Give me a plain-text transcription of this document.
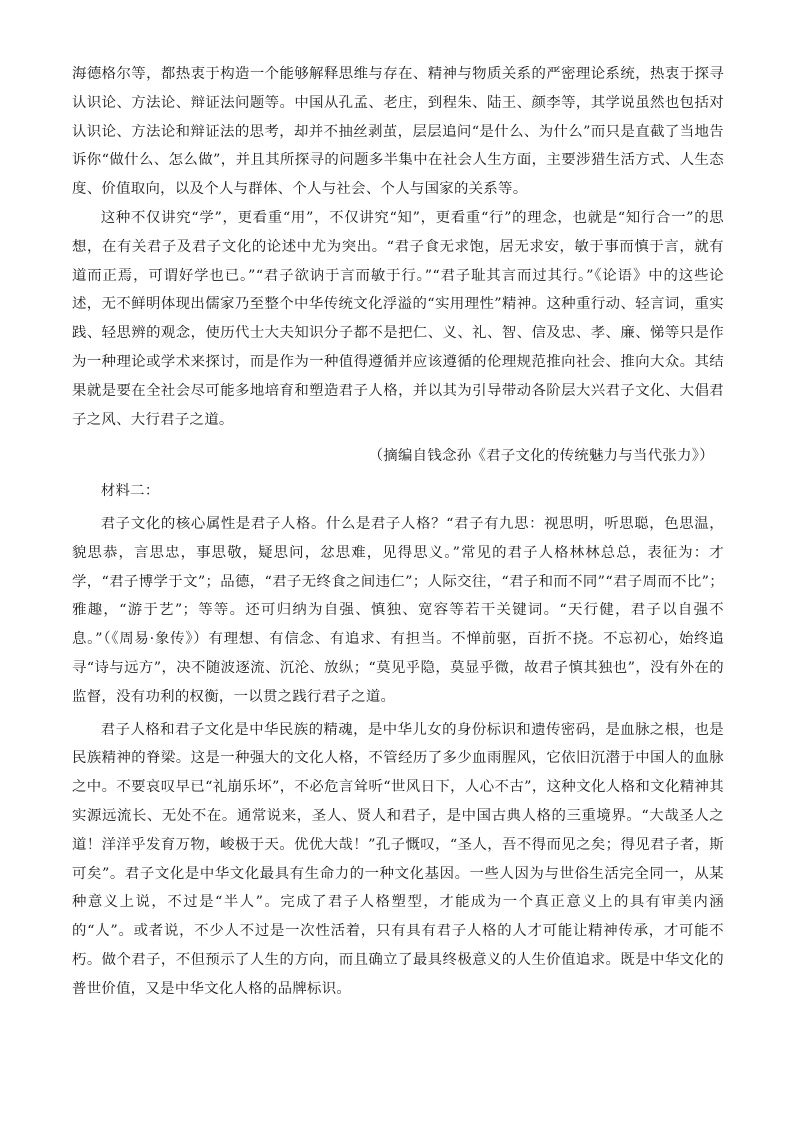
海德格尔等，都热衷于构造一个能够解释思维与存在、精神与物质关系的严密理论系统，热衷于探寻认识论、方法论、辩证法问题等。中国从孔孟、老庄，到程朱、陆王、颜李等，其学说虽然也包括对认识论、方法论和辩证法的思考，却并不抽丝剥茧，层层追问“是什么、为什么”而只是直截了当地告诉你“做什么、怎么做”，并且其所探寻的问题多半集中在社会人生方面，主要涉猎生活方式、人生态度、价值取向，以及个人与群体、个人与社会、个人与国家的关系等。

这种不仅讲究“学”，更看重“用”，不仅讲究“知”，更看重“行”的理念，也就是“知行合一”的思想，在有关君子及君子文化的论述中尤为突出。“君子食无求饱，居无求安，敏于事而慎于言，就有道而正焉，可谓好学也已。”“君子欲讷于言而敏于行。”“君子耻其言而过其行。”《论语》中的这些论述，无不鲜明体现出儒家乃至整个中华传统文化浮溢的“实用理性”精神。这种重行动、轻言词，重实践、轻思辨的观念，使历代士大夫知识分子都不是把仁、义、礼、智、信及忠、孝、廉、悌等只是作为一种理论或学术来探讨，而是作为一种值得遵循并应该遵循的伦理规范推向社会、推向大众。其结果就是要在全社会尽可能多地培育和塑造君子人格，并以其为引导带动各阶层大兴君子文化、大倡君子之风、大行君子之道。

（摘编自钱念孙《君子文化的传统魅力与当代张力》）

材料二：

君子文化的核心属性是君子人格。什么是君子人格？“君子有九思：视思明，听思聪，色思温，貌思恭，言思忠，事思敬，疑思问，忿思难，见得思义。”常见的君子人格林林总总，表征为：才学，“君子博学于文”；品德，“君子无终食之间违仁”；人际交往，“君子和而不同”“君子周而不比”；雅趣，“游于艺”；等等。还可归纳为自强、慎独、宽容等若干关键词。“天行健，君子以自强不息。”（《周易·象传》）有理想、有信念、有追求、有担当。不惮前驱，百折不挠。不忘初心，始终追寻“诗与远方”，决不随波逐流、沉沦、放纵；“莫见乎隐，莫显乎微，故君子慎其独也”，没有外在的监督，没有功利的权衡，一以贯之践行君子之道。

君子人格和君子文化是中华民族的精魂，是中华儿女的身份标识和遗传密码，是血脉之根，也是民族精神的脊梁。这是一种强大的文化人格，不管经历了多少血雨腥风，它依旧沉潜于中国人的血脉之中。不要哀叹早已“礼崩乐坏”，不必危言耸听“世风日下，人心不古”，这种文化人格和文化精神其实源远流长、无处不在。通常说来，圣人、贤人和君子，是中国古典人格的三重境界。“大哉圣人之道！洋洋乎发育万物，峻极于天。优优大哉！”孔子慨叹，“圣人，吾不得而见之矣；得见君子者，斯可矣”。君子文化是中华文化最具有生命力的一种文化基因。一些人因为与世俗生活完全同一，从某种意义上说，不过是“半人”。完成了君子人格塑型，才能成为一个真正意义上的具有审美内涵的“人”。或者说，不少人不过是一次性活着，只有具有君子人格的人才可能让精神传承，才可能不朽。做个君子，不但预示了人生的方向，而且确立了最具终极意义的人生价值追求。既是中华文化的普世价值，又是中华文化人格的品牌标识。
